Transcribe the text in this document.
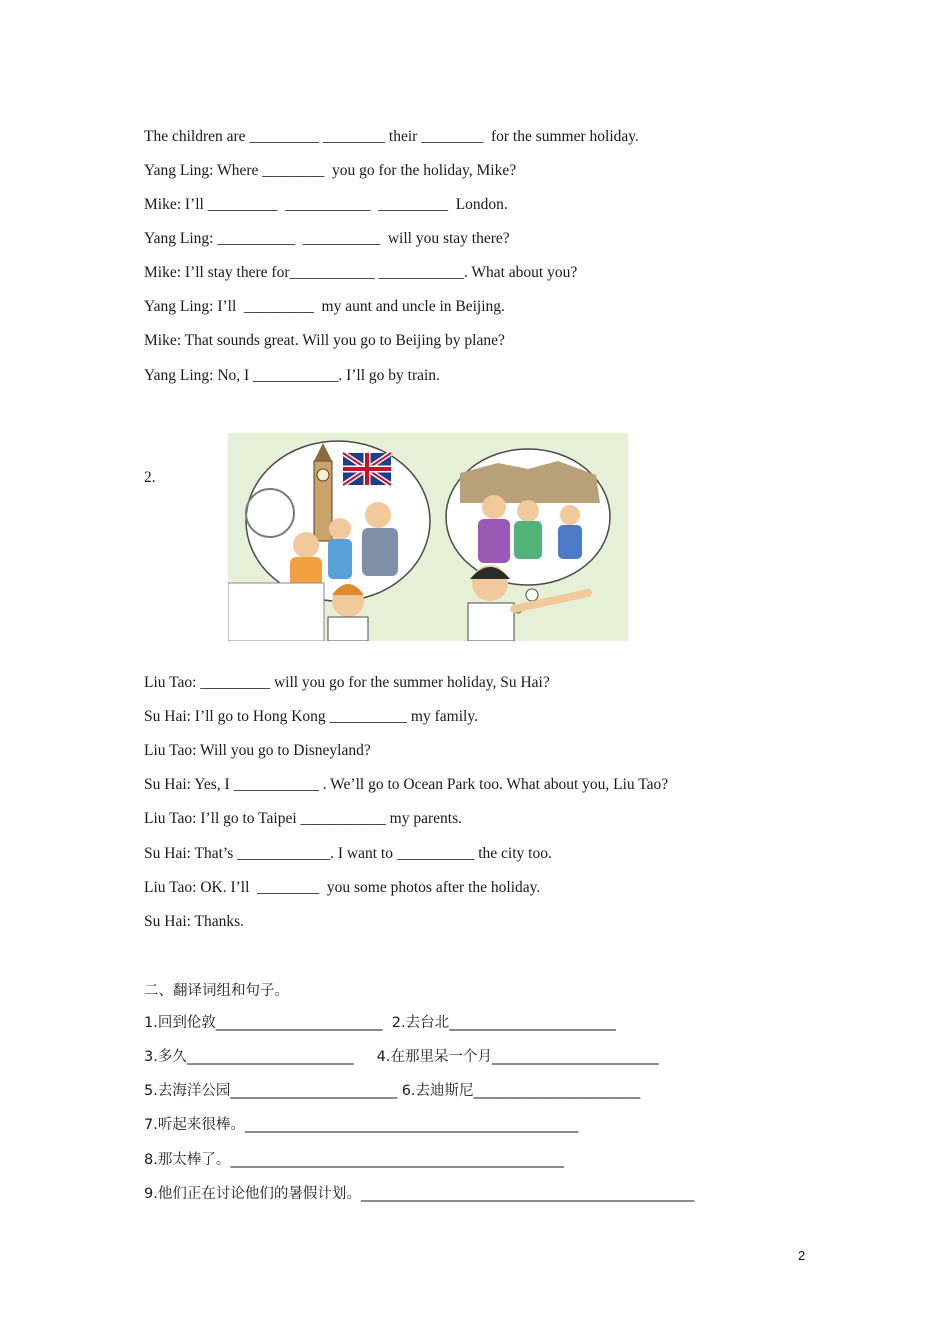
The children are _________ ________ their ________  for the summer holiday.
Yang Ling: Where ________  you go for the holiday, Mike?
Mike: I’ll _________  ___________  _________  London.
Yang Ling: __________  __________  will you stay there?
Mike: I’ll stay there for___________ ___________. What about you?
Yang Ling: I’ll  _________  my aunt and uncle in Beijing.
Mike: That sounds great. Will you go to Beijing by plane?
Yang Ling: No, I ___________. I’ll go by train.
2.
Liu Tao: _________ will you go for the summer holiday, Su Hai?
Su Hai: I’ll go to Hong Kong __________ my family.
Liu Tao: Will you go to Disneyland?
Su Hai: Yes, I ___________ . We’ll go to Ocean Park too. What about you, Liu Tao?
Liu Tao: I’ll go to Taipei ___________ my parents.
Su Hai: That’s ____________. I want to __________ the city too.
Liu Tao: OK. I’ll  ________  you some photos after the holiday.
Su Hai: Thanks.
二、翻译词组和句子。
1.回到伦敦_______________________  2.去台北_______________________
3.多久_______________________     4.在那里呆一个月_______________________
5.去海洋公园_______________________ 6.去迪斯尼_______________________
7.听起来很棒。______________________________________________
8.那太棒了。______________________________________________
9.他们正在讨论他们的暑假计划。______________________________________________
2
